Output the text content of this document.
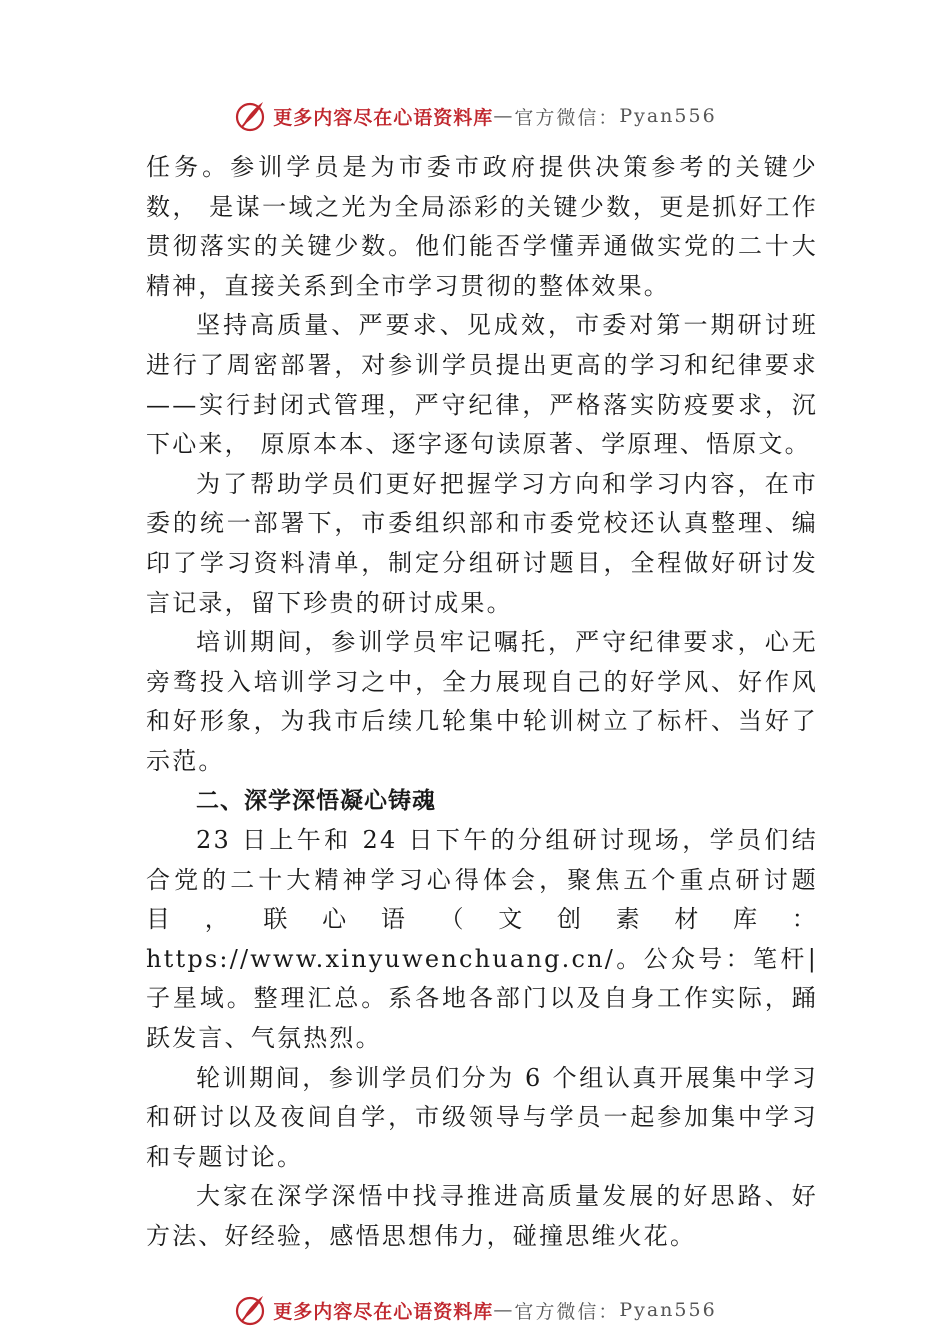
更多内容尽在心语资料库 — 官方微信： Pyan556

任务。参训学员是为市委市政府提供决策参考的关键少数， 是谋一域之光为全局添彩的关键少数，更是抓好工作贯彻落实的关键少数。他们能否学懂弄通做实党的二十大精神，直接关系到全市学习贯彻的整体效果。

坚持高质量、严要求、见成效，市委对第一期研讨班进行了周密部署，对参训学员提出更高的学习和纪律要求——实行封闭式管理，严守纪律，严格落实防疫要求，沉下心来， 原原本本、逐字逐句读原著、学原理、悟原文。

为了帮助学员们更好把握学习方向和学习内容，在市委的统一部署下，市委组织部和市委党校还认真整理、编印了学习资料清单，制定分组研讨题目，全程做好研讨发言记录，留下珍贵的研讨成果。

培训期间，参训学员牢记嘱托，严守纪律要求，心无旁骛投入培训学习之中，全力展现自己的好学风、好作风和好形象，为我市后续几轮集中轮训树立了标杆、当好了示范。

二、深学深悟凝心铸魂

23 日上午和 24 日下午的分组研讨现场，学员们结合党的二十大精神学习心得体会，聚焦五个重点研讨题目，联心语（文创素材库：https://www.xinyuwenchuang.cn/。公众号：笔杆|子星域。整理汇总。系各地各部门以及自身工作实际，踊跃发言、气氛热烈。

轮训期间，参训学员们分为 6 个组认真开展集中学习和研讨以及夜间自学，市级领导与学员一起参加集中学习和专题讨论。

大家在深学深悟中找寻推进高质量发展的好思路、好方法、好经验，感悟思想伟力，碰撞思维火花。

更多内容尽在心语资料库 — 官方微信： Pyan556
